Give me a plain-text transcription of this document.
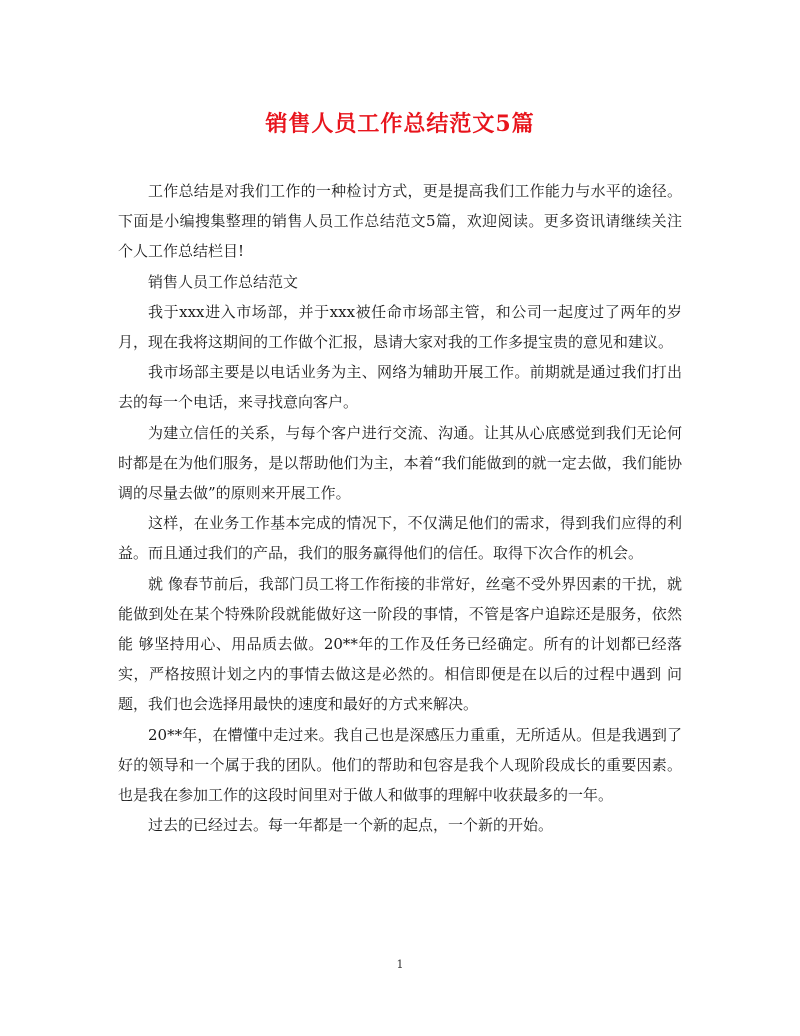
销售人员工作总结范文5篇

工作总结是对我们工作的一种检讨方式，更是提高我们工作能力与水平的途径。下面是小编搜集整理的销售人员工作总结范文5篇，欢迎阅读。更多资讯请继续关注个人工作总结栏目!

销售人员工作总结范文

我于xxx进入市场部，并于xxx被任命市场部主管，和公司一起度过了两年的岁月，现在我将这期间的工作做个汇报，恳请大家对我的工作多提宝贵的意见和建议。

我市场部主要是以电话业务为主、网络为辅助开展工作。前期就是通过我们打出去的每一个电话，来寻找意向客户。

为建立信任的关系，与每个客户进行交流、沟通。让其从心底感觉到我们无论何时都是在为他们服务，是以帮助他们为主，本着“我们能做到的就一定去做，我们能协调的尽量去做”的原则来开展工作。

这样，在业务工作基本完成的情况下，不仅满足他们的需求，得到我们应得的利益。而且通过我们的产品，我们的服务赢得他们的信任。取得下次合作的机会。

就 像春节前后，我部门员工将工作衔接的非常好，丝毫不受外界因素的干扰，就能做到处在某个特殊阶段就能做好这一阶段的事情，不管是客户追踪还是服务，依然能 够坚持用心、用品质去做。20**年的工作及任务已经确定。所有的计划都已经落实，严格按照计划之内的事情去做这是必然的。相信即便是在以后的过程中遇到 问题，我们也会选择用最快的速度和最好的方式来解决。

20**年，在懵懂中走过来。我自己也是深感压力重重，无所适从。但是我遇到了好的领导和一个属于我的团队。他们的帮助和包容是我个人现阶段成长的重要因素。也是我在参加工作的这段时间里对于做人和做事的理解中收获最多的一年。

过去的已经过去。每一年都是一个新的起点，一个新的开始。

1
